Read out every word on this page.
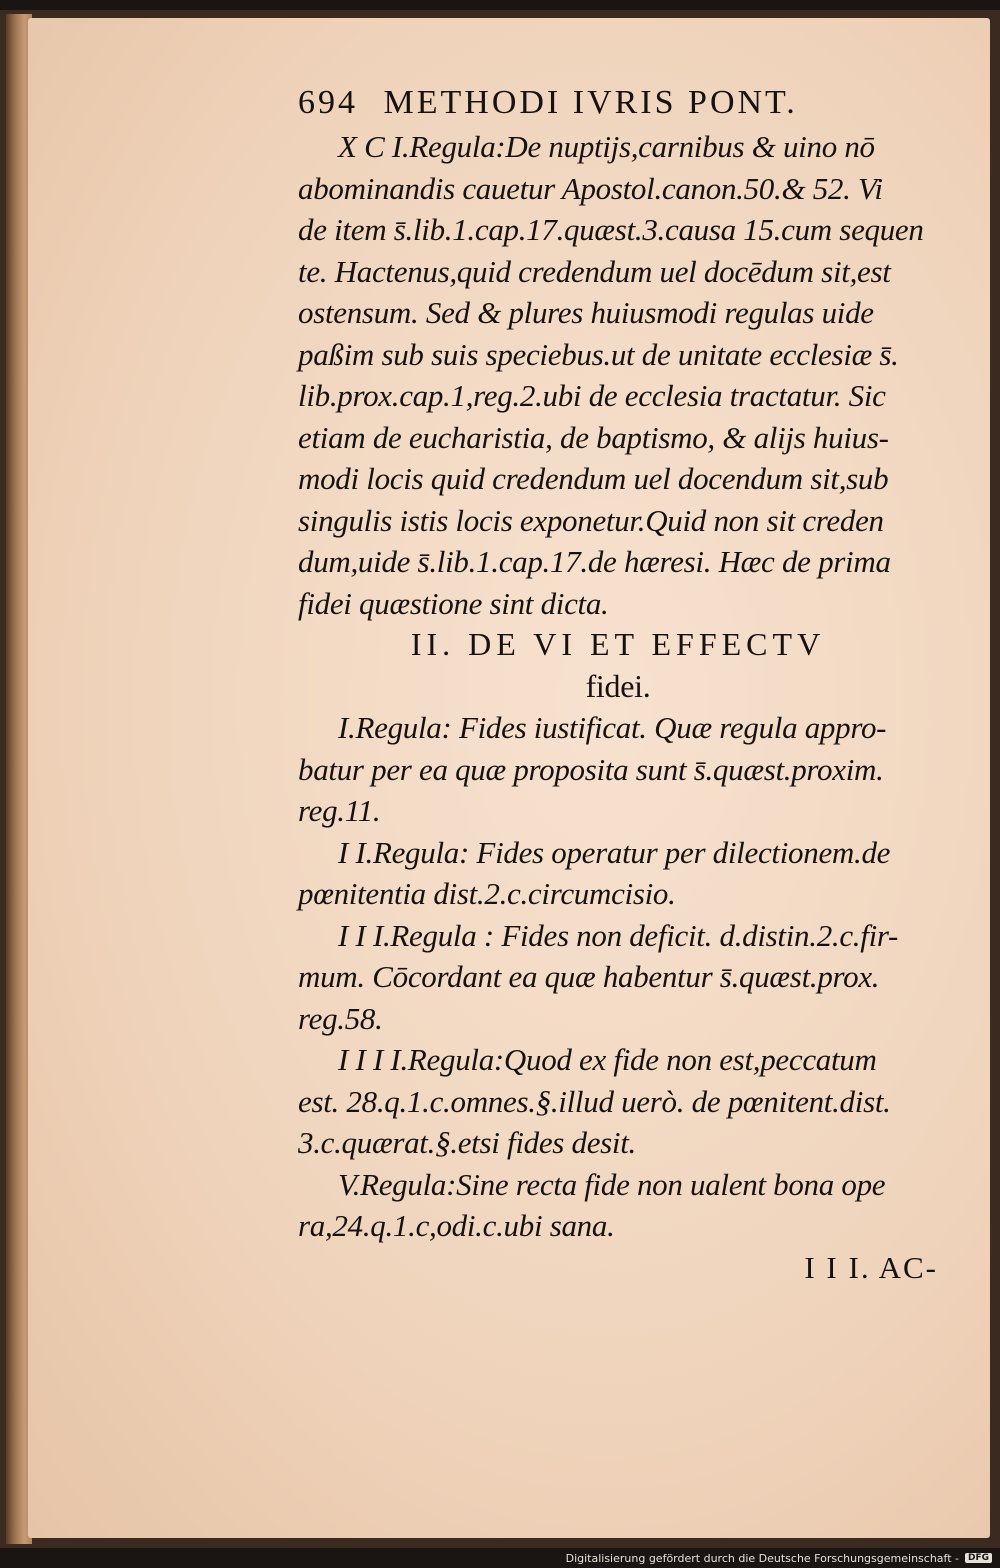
694 METHODI IVRIS PONT.
X C I.Regula:De nuptijs,carnibus & uino nō
abominandis cauetur Apostol.canon.50.& 52. Vi
de item s̄.lib.1.cap.17.quæst.3.causa 15.cum sequen
te. Hactenus,quid credendum uel docēdum sit,est
ostensum. Sed & plures huiusmodi regulas uide
paßim sub suis speciebus.ut de unitate ecclesiæ s̄.
lib.prox.cap.1,reg.2.ubi de ecclesia tractatur. Sic
etiam de eucharistia, de baptismo, & alijs huius-
modi locis quid credendum uel docendum sit,sub
singulis istis locis exponetur.Quid non sit creden
dum,uide s̄.lib.1.cap.17.de hæresi. Hæc de prima
fidei quæstione sint dicta.
II. DE VI ET EFFECTV
fidei.
I.Regula: Fides iustificat. Quæ regula appro-
batur per ea quæ proposita sunt s̄.quæst.proxim.
reg.11.
I I.Regula: Fides operatur per dilectionem.de
pœnitentia dist.2.c.circumcisio.
I I I.Regula : Fides non deficit. d.distin.2.c.fir-
mum. Cōcordant ea quæ habentur s̄.quæst.prox.
reg.58.
I I I I.Regula:Quod ex fide non est,peccatum
est. 28.q.1.c.omnes.§.illud uerò. de pœnitent.dist.
3.c.quærat.§.etsi fides desit.
V.Regula:Sine recta fide non ualent bona ope
ra,24.q.1.c,odi.c.ubi sana.
I I I. AC-
Digitalisierung gefördert durch die Deutsche Forschungsgemeinschaft -	DFG
